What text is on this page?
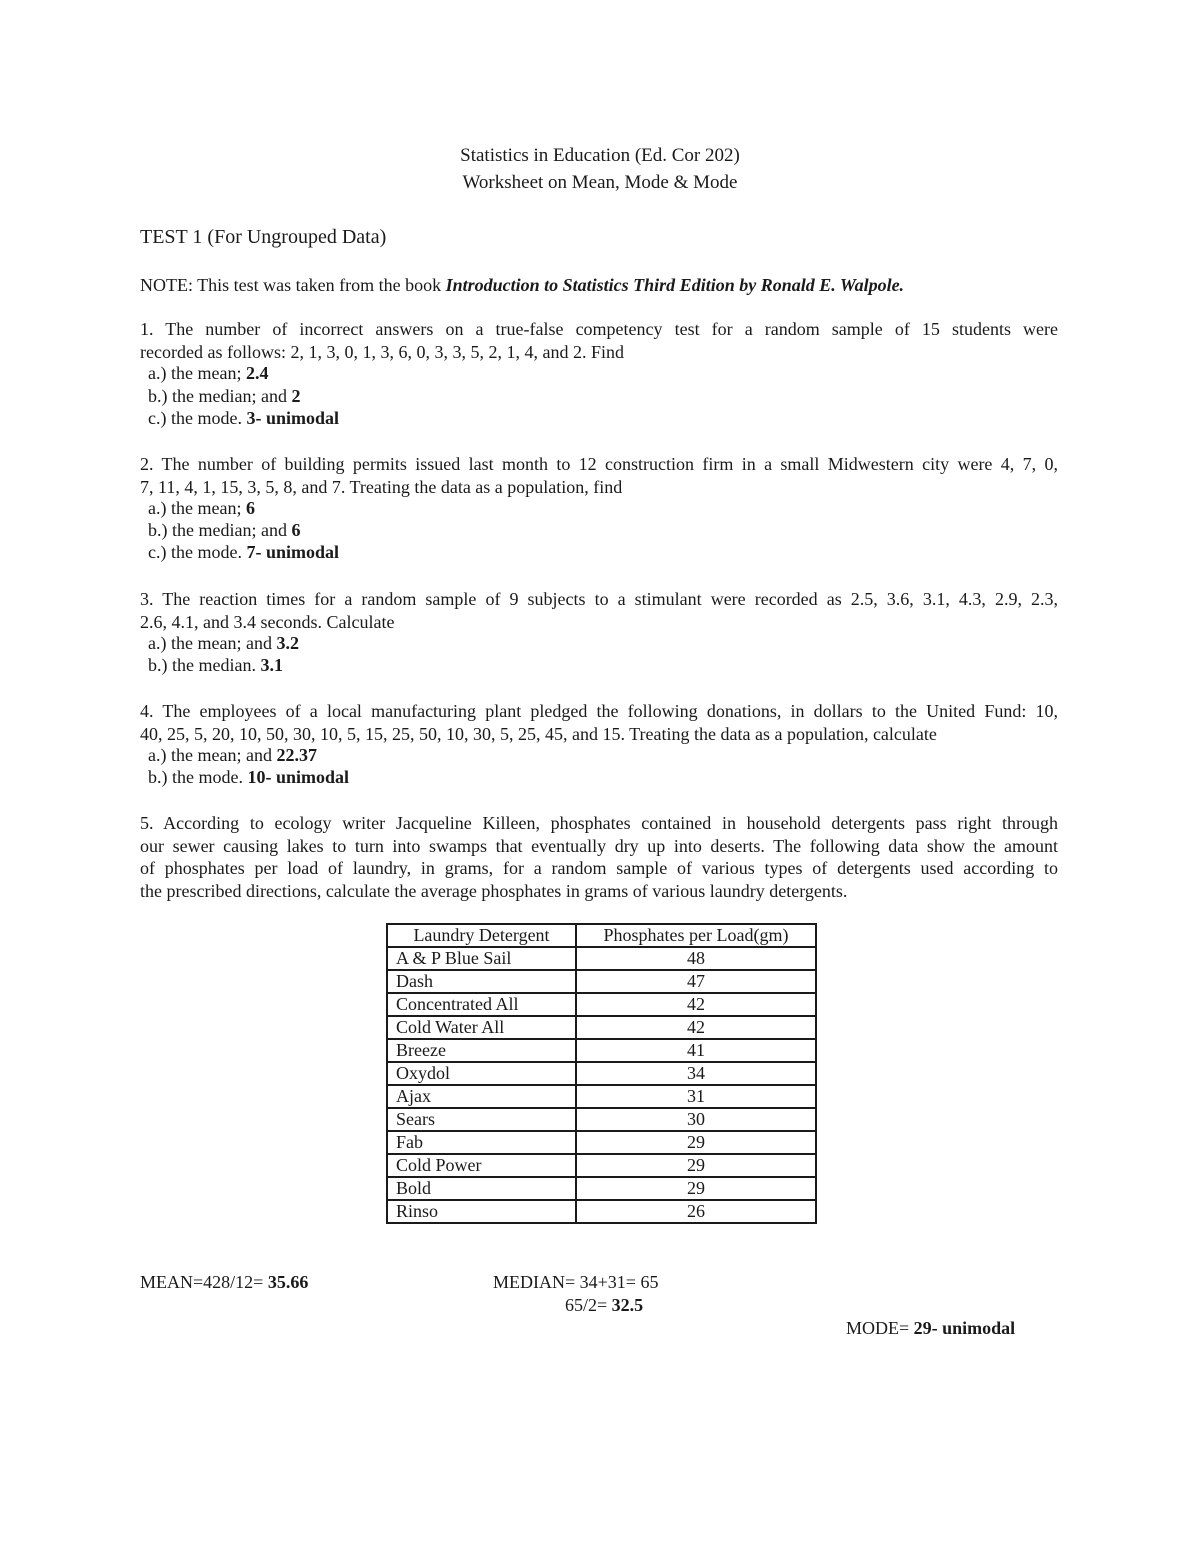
Statistics in Education (Ed. Cor 202)
Worksheet on Mean, Mode & Mode
TEST 1 (For Ungrouped Data)
NOTE: This test was taken from the book Introduction to Statistics Third Edition by Ronald E. Walpole.
1. The number of incorrect answers on a true-false competency test for a random sample of 15 students were
recorded as follows: 2, 1, 3, 0, 1, 3, 6, 0, 3, 3, 5, 2, 1, 4, and 2. Find
a.) the mean; 2.4
b.) the median; and 2
c.) the mode. 3- unimodal
2. The number of building permits issued last month to 12 construction firm in a small Midwestern city were 4, 7, 0,
7, 11, 4, 1, 15, 3, 5, 8, and 7. Treating the data as a population, find
a.) the mean; 6
b.) the median; and 6
c.) the mode. 7- unimodal
3. The reaction times for a random sample of 9 subjects to a stimulant were recorded as 2.5, 3.6, 3.1, 4.3, 2.9, 2.3,
2.6, 4.1, and 3.4 seconds. Calculate
a.) the mean; and 3.2
b.) the median. 3.1
4. The employees of a local manufacturing plant pledged the following donations, in dollars to the United Fund: 10,
40, 25, 5, 20, 10, 50, 30, 10, 5, 15, 25, 50, 10, 30, 5, 25, 45, and 15. Treating the data as a population, calculate
a.) the mean; and 22.37
b.) the mode. 10- unimodal
5. According to ecology writer Jacqueline Killeen, phosphates contained in household detergents pass right through
our sewer causing lakes to turn into swamps that eventually dry up into deserts. The following data show the amount
of phosphates per load of laundry, in grams, for a random sample of various types of detergents used according to
the prescribed directions, calculate the average phosphates in grams of various laundry detergents.
Laundry Detergent	Phosphates per Load(gm)
A & P Blue Sail	48
Dash	47
Concentrated All	42
Cold Water All	42
Breeze	41
Oxydol	34
Ajax	31
Sears	30
Fab	29
Cold Power	29
Bold	29
Rinso	26
MEAN=428/12= 35.66	MEDIAN= 34+31= 65
65/2= 32.5
MODE= 29- unimodal
